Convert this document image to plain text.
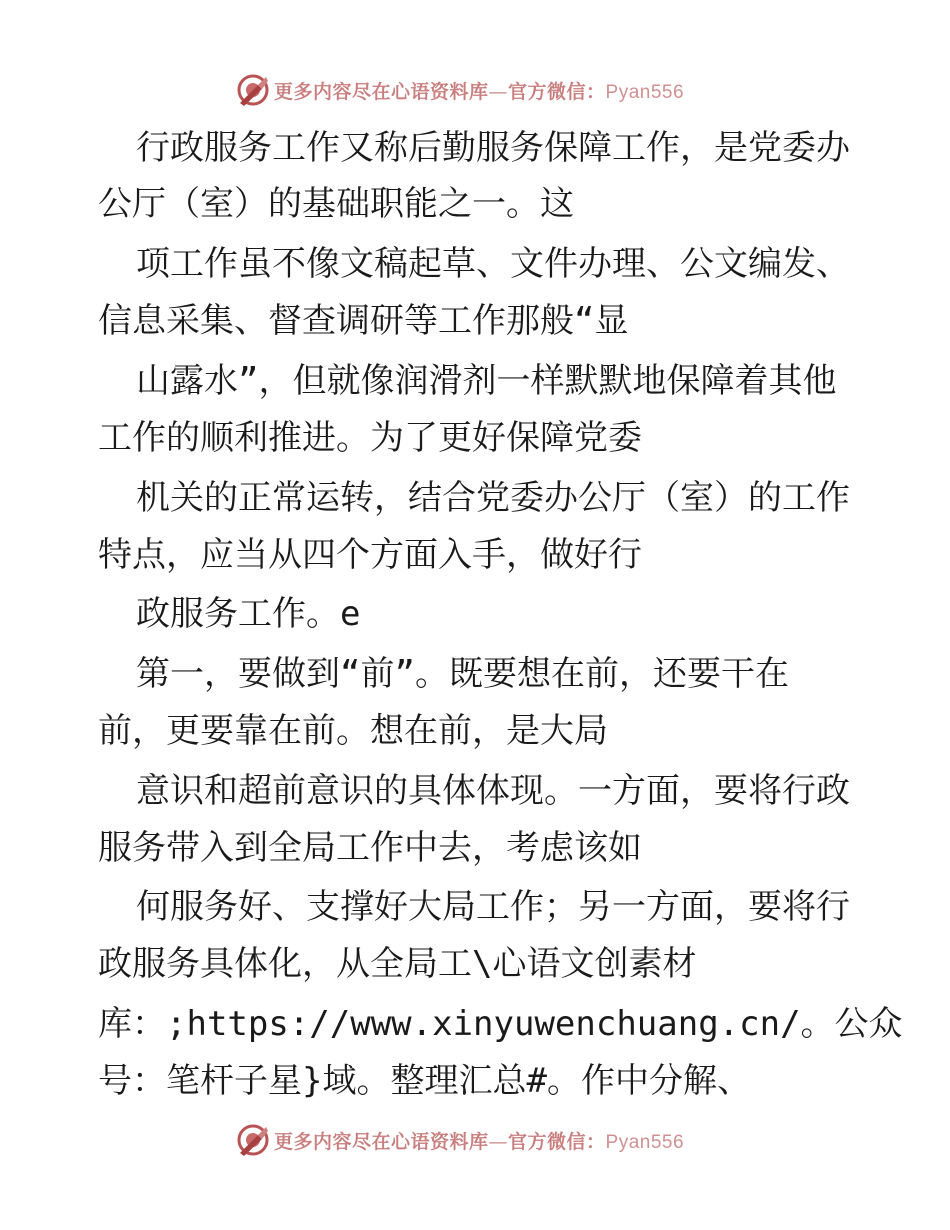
更多内容尽在心语资料库—官方微信：Pyan556
行政服务工作又称后勤服务保障工作，是党委办
公厅（室）的基础职能之一。这
项工作虽不像文稿起草、文件办理、公文编发、
信息采集、督查调研等工作那般“显
山露水”，但就像润滑剂一样默默地保障着其他
工作的顺利推进。为了更好保障党委
机关的正常运转，结合党委办公厅（室）的工作
特点，应当从四个方面入手，做好行
政服务工作。e
第一，要做到“前”。既要想在前，还要干在
前，更要靠在前。想在前，是大局
意识和超前意识的具体体现。一方面，要将行政
服务带入到全局工作中去，考虑该如
何服务好、支撑好大局工作；另一方面，要将行
政服务具体化，从全局工\心语文创素材
库：;https://www.xinyuwenchuang.cn/。公众
号：笔杆子星}域。整理汇总#。作中分解、
更多内容尽在心语资料库—官方微信：Pyan556
